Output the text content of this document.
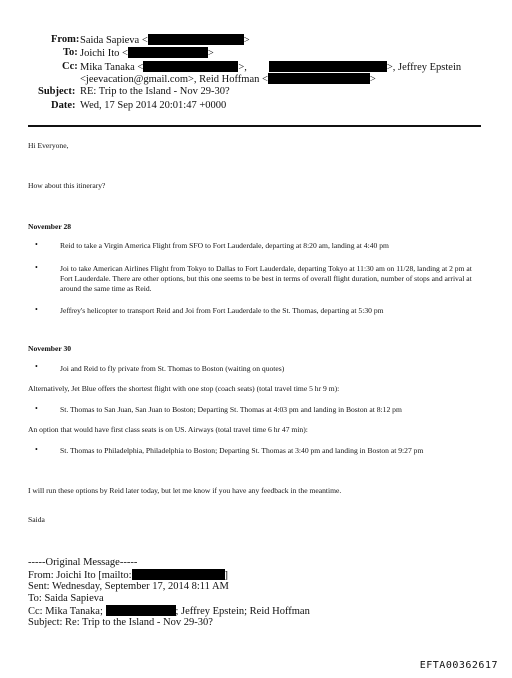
From: Saida Sapieva <	>
To: Joichi Ito <	>
Cc: Mika Tanaka <	>,	>, Jeffrey Epstein
<jeevacation@gmail.com>, Reid Hoffman <	>
Subject: RE: Trip to the Island - Nov 29-30?
Date: Wed, 17 Sep 2014 20:01:47 +0000
Hi Everyone,
How about this itinerary?
November 28
•	Reid to take a Virgin America Flight from SFO to Fort Lauderdale, departing at 8:20 am, landing at 4:40 pm
•	Joi to take American Airlines Flight from Tokyo to Dallas to Fort Lauderdale, departing Tokyo at 11:30 am on 11/28, landing at 2 pm at Fort Lauderdale. There are other options, but this one seems to be best in terms of overall flight duration, number of stops and arrival at around the same time as Reid.
•	Jeffrey's helicopter to transport Reid and Joi from Fort Lauderdale to the St. Thomas, departing at 5:30 pm
November 30
•	Joi and Reid to fly private from St. Thomas to Boston (waiting on quotes)
Alternatively, Jet Blue offers the shortest flight with one stop (coach seats) (total travel time 5 hr 9 m):
•	St. Thomas to San Juan, San Juan to Boston; Departing St. Thomas at 4:03 pm and landing in Boston at 8:12 pm
An option that would have first class seats is on US. Airways (total travel time 6 hr 47 min):
•	St. Thomas to Philadelphia, Philadelphia to Boston; Departing St. Thomas at 3:40 pm and landing in Boston at 9:27 pm
I will run these options by Reid later today, but let me know if you have any feedback in the meantime.
Saida
-----Original Message-----
From: Joichi Ito [mailto:	]
Sent: Wednesday, September 17, 2014 8:11 AM
To: Saida Sapieva
Cc: Mika Tanaka;	; Jeffrey Epstein; Reid Hoffman
Subject: Re: Trip to the Island - Nov 29-30?
EFTA00362617
